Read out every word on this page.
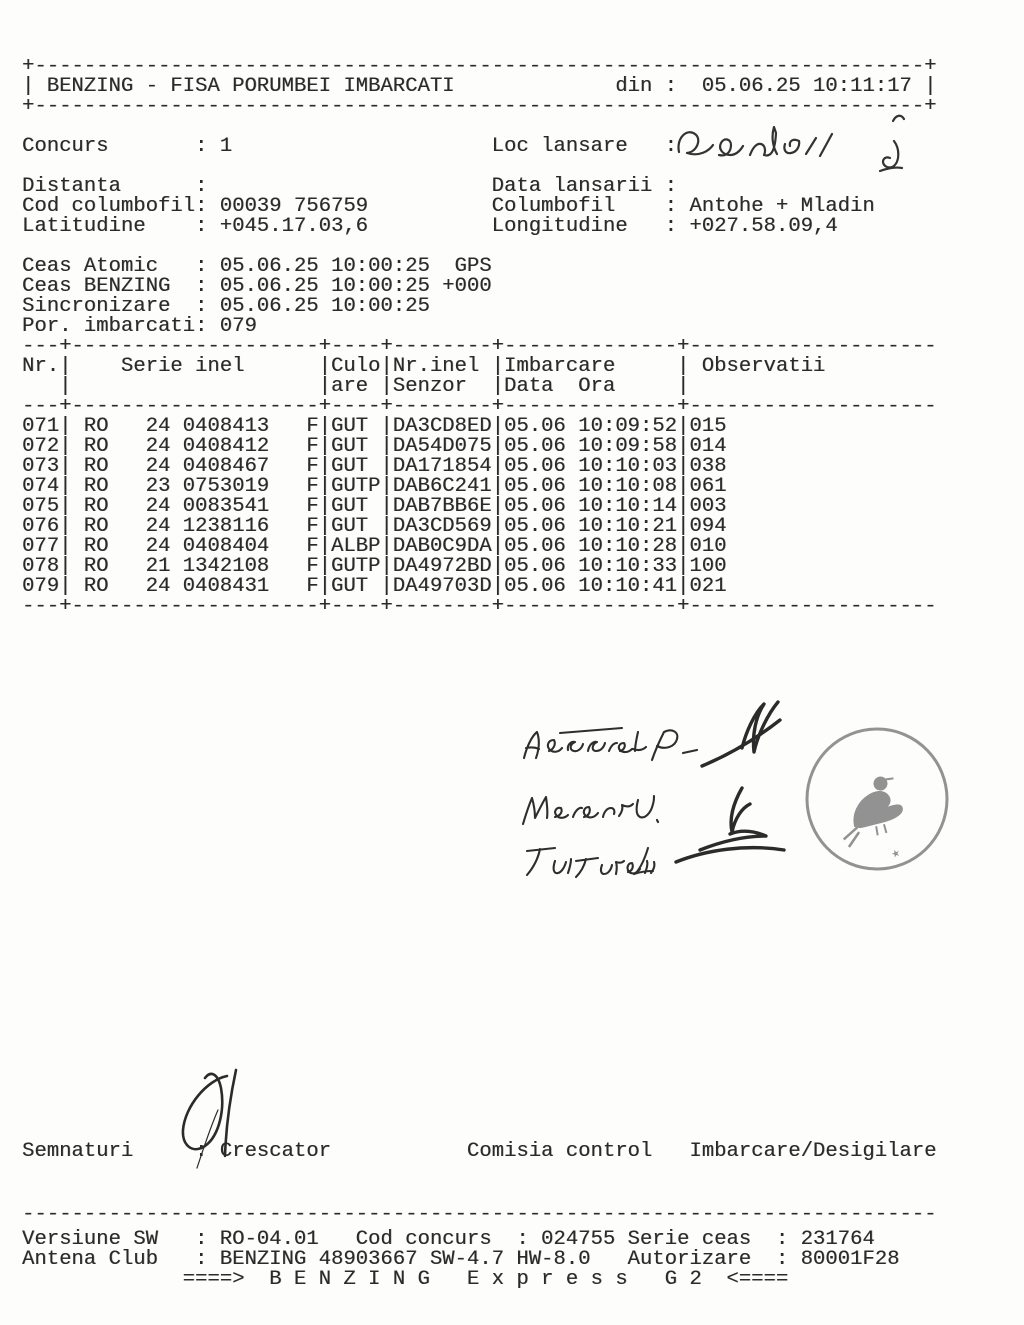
+------------------------------------------------------------------------+
| BENZING - FISA PORUMBEI IMBARCATI             din :  05.06.25 10:11:17 |
+------------------------------------------------------------------------+

Concurs       : 1                     Loc lansare   :

Distanta      :                       Data lansarii :
Cod columbofil: 00039 756759          Columbofil    : Antohe + Mladin
Latitudine    : +045.17.03,6          Longitudine   : +027.58.09,4

Ceas Atomic   : 05.06.25 10:00:25  GPS
Ceas BENZING  : 05.06.25 10:00:25 +000
Sincronizare  : 05.06.25 10:00:25
Por. imbarcati: 079
---+--------------------+----+--------+--------------+--------------------
Nr.|    Serie inel      |Culo|Nr.inel |Imbarcare     | Observatii
|                    |are |Senzor  |Data  Ora     |
---+--------------------+----+--------+--------------+--------------------
071| RO   24 0408413   F|GUT |DA3CD8ED|05.06 10:09:52|015
072| RO   24 0408412   F|GUT |DA54D075|05.06 10:09:58|014
073| RO   24 0408467   F|GUT |DA171854|05.06 10:10:03|038
074| RO   23 0753019   F|GUTP|DAB6C241|05.06 10:10:08|061
075| RO   24 0083541   F|GUT |DAB7BB6E|05.06 10:10:14|003
076| RO   24 1238116   F|GUT |DA3CD569|05.06 10:10:21|094
077| RO   24 0408404   F|ALBP|DAB0C9DA|05.06 10:10:28|010
078| RO   21 1342108   F|GUTP|DA4972BD|05.06 10:10:33|100
079| RO   24 0408431   F|GUT |DA49703D|05.06 10:10:41|021
---+--------------------+----+--------+--------------+--------------------
Semnaturi     : Crescator           Comisia control   Imbarcare/Desigilare
--------------------------------------------------------------------------
Versiune SW   : RO-04.01   Cod concurs  : 024755 Serie ceas  : 231764
Antena Club   : BENZING 48903667 SW-4.7 HW-8.0   Autorizare  : 80001F28
====>  B E N Z I N G   E x p r e s s   G 2  <====
★
